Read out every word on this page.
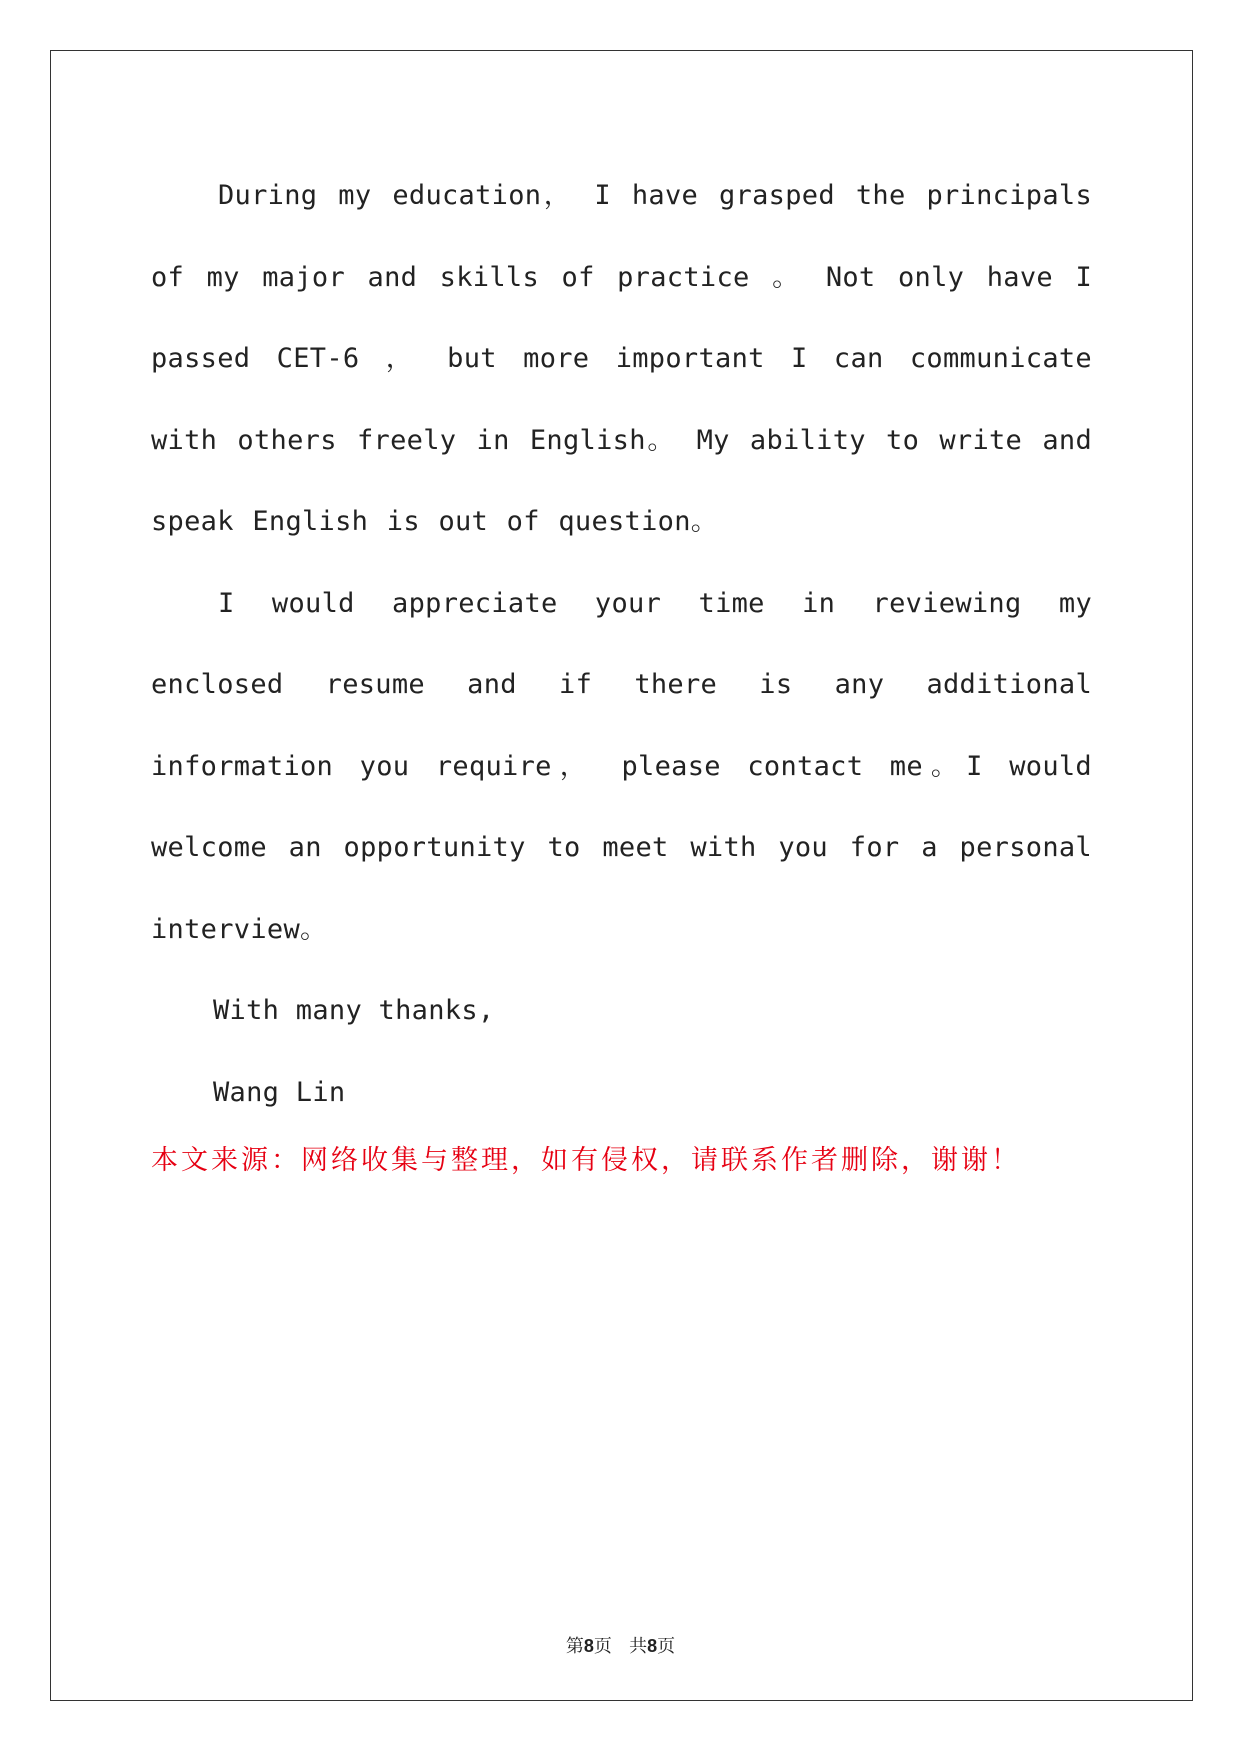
During my education， I have grasped the principals of my major and skills of practice 。 Not only have I passed CET-6 ， but more important I can communicate with others freely in English。 My ability to write and speak English is out of question。

I would appreciate your time in reviewing my enclosed resume and if there is any additional information you require， please contact me。I would welcome an opportunity to meet with you for a personal interview。

With many thanks,

Wang Lin

本文来源：网络收集与整理，如有侵权，请联系作者删除，谢谢！
第8页 共8页
